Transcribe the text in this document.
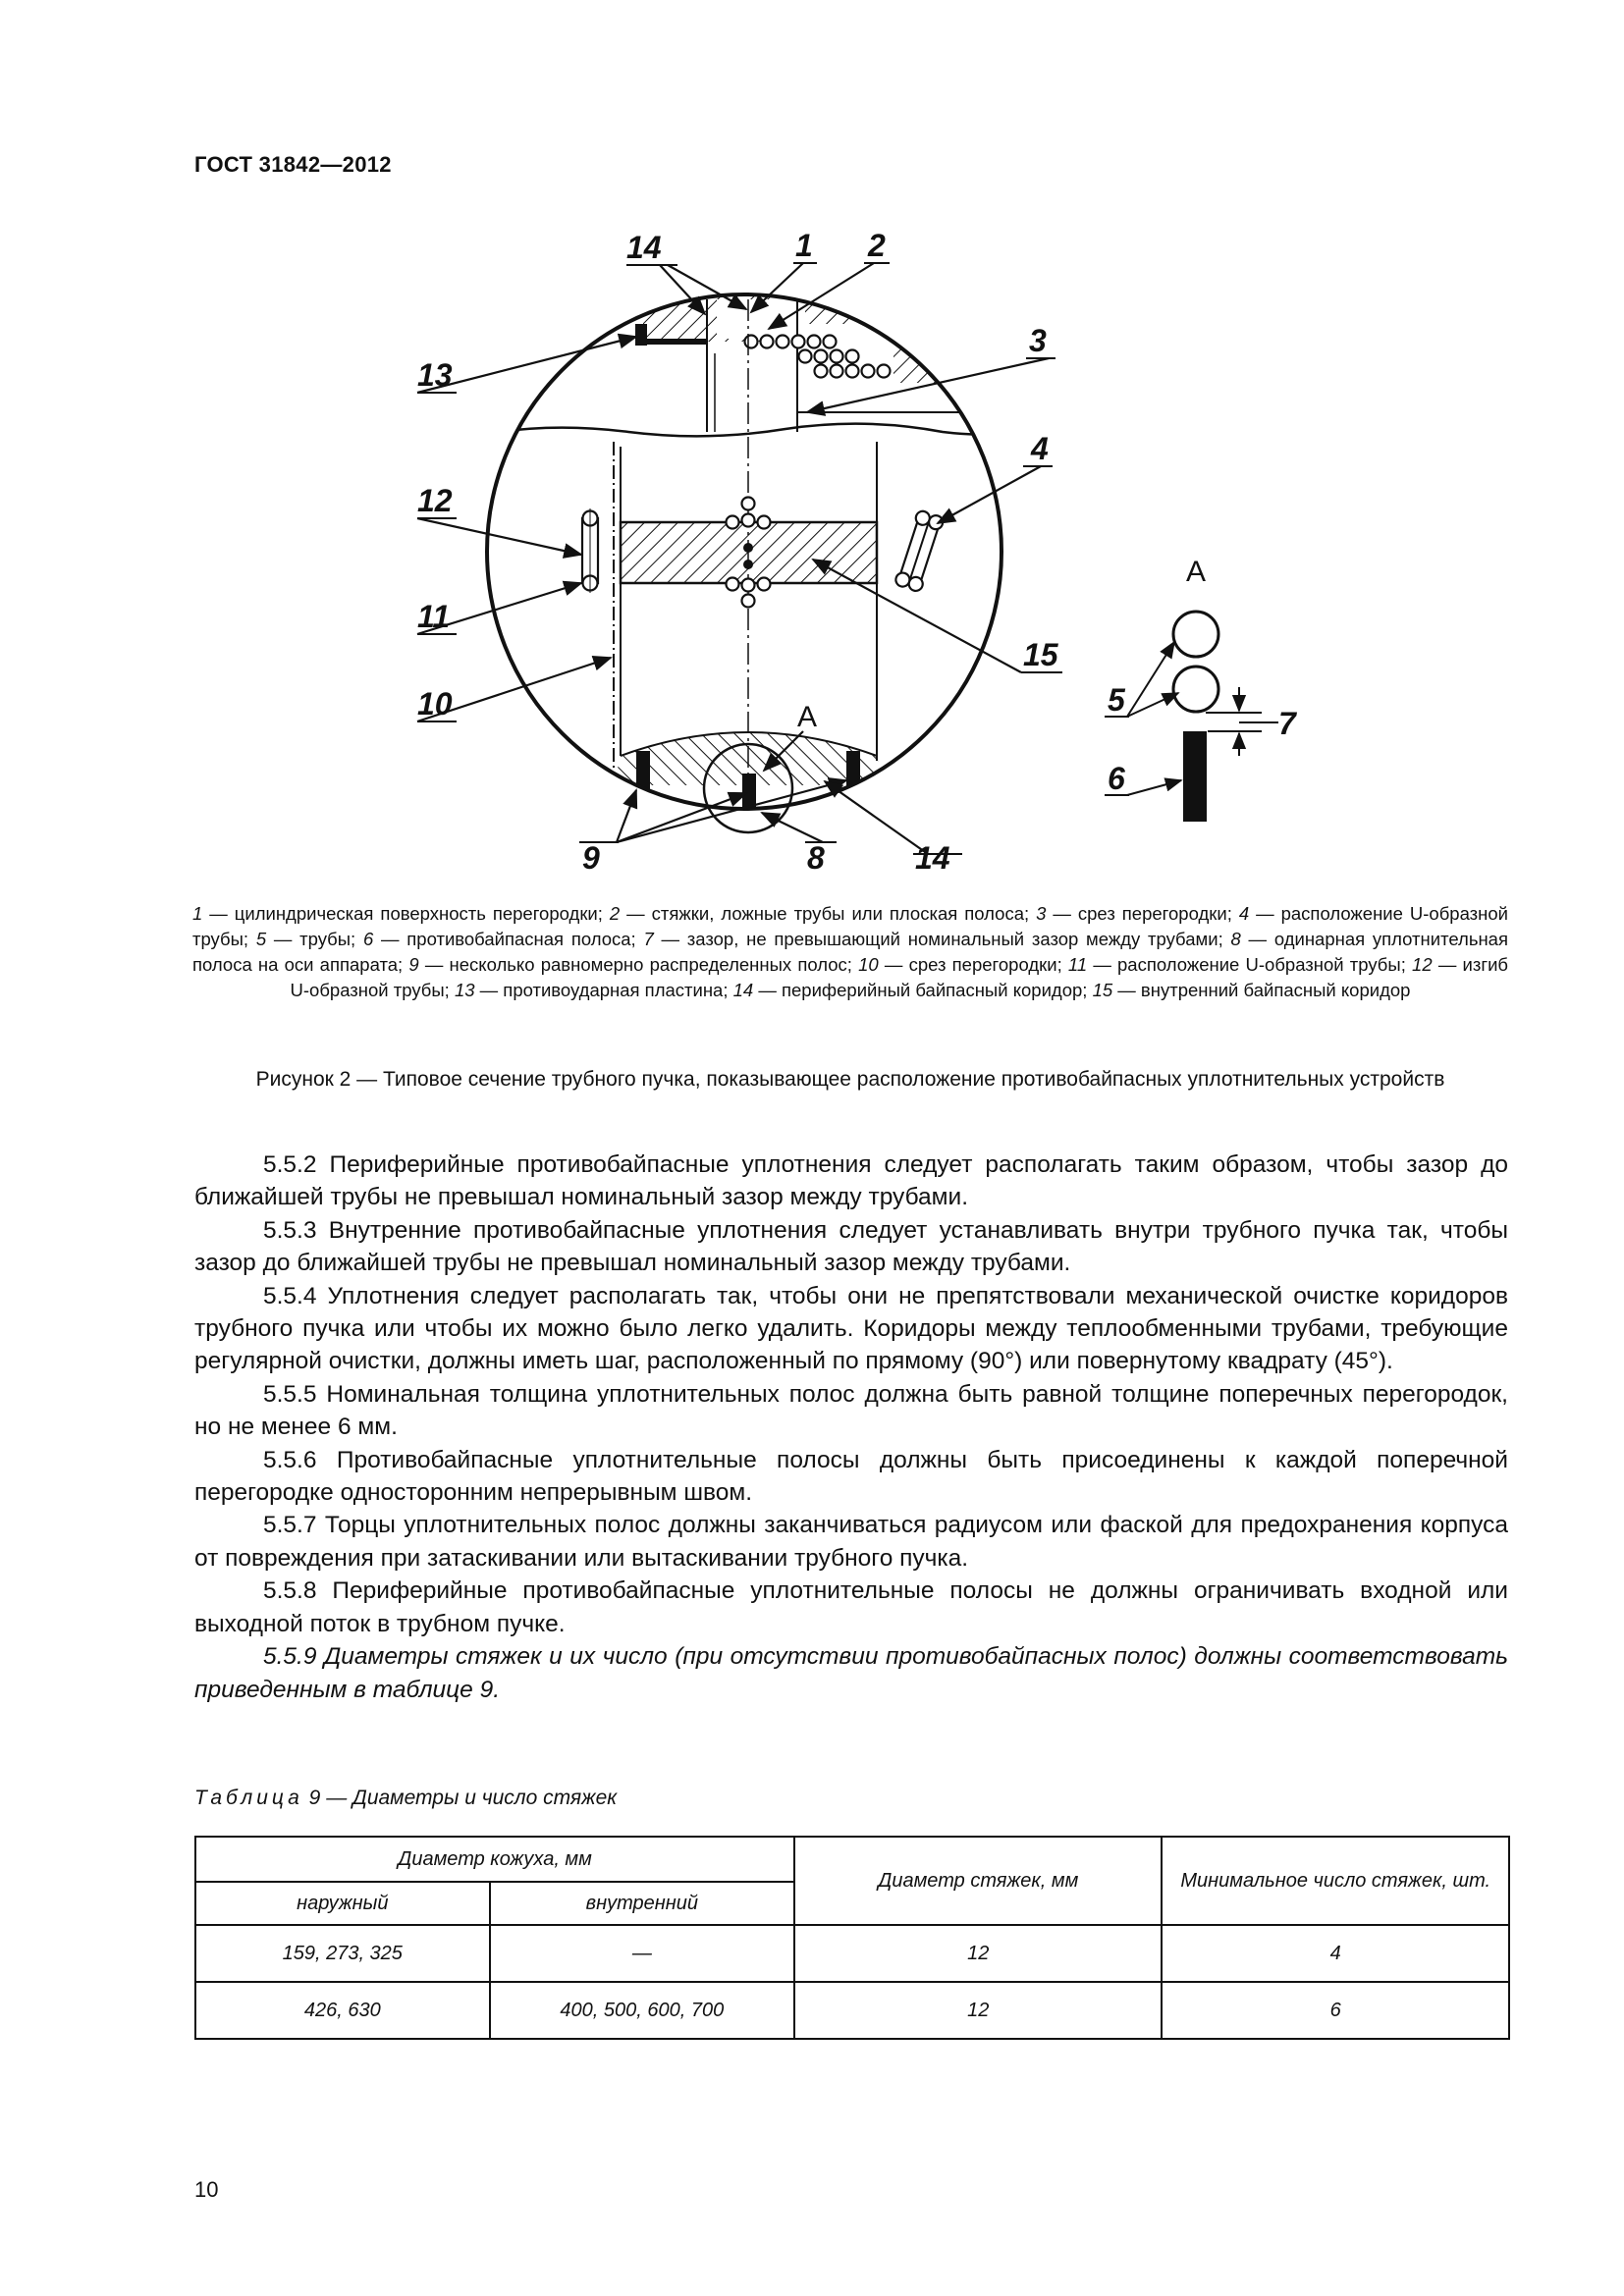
ГОСТ 31842—2012
14	1 2
3
13
4
12
11
15
10
9	8	14
A
A
5
7
6
1 — цилиндрическая поверхность перегородки; 2 — стяжки, ложные трубы или плоская полоса; 3 — срез перегородки; 4 — расположение U-образной трубы; 5 — трубы; 6 — противобайпасная полоса; 7 — зазор, не превышающий номинальный зазор между трубами; 8 — одинарная уплотнительная полоса на оси аппарата; 9 — несколько равномерно распределенных полос; 10 — срез перегородки; 11 — расположение U-образной трубы; 12 — изгиб U-образной трубы; 13 — противоударная пластина; 14 — периферийный байпасный коридор; 15 — внутренний байпасный коридор
Рисунок 2 — Типовое сечение трубного пучка, показывающее расположение противобайпасных уплотнительных устройств

5.5.2 Периферийные противобайпасные уплотнения следует располагать таким образом, чтобы зазор до ближайшей трубы не превышал номинальный зазор между трубами.

5.5.3 Внутренние противобайпасные уплотнения следует устанавливать внутри трубного пучка так, чтобы зазор до ближайшей трубы не превышал номинальный зазор между трубами.

5.5.4 Уплотнения следует располагать так, чтобы они не препятствовали механической очистке коридоров трубного пучка или чтобы их можно было легко удалить. Коридоры между теплообменными трубами, требующие регулярной очистки, должны иметь шаг, расположенный по прямому (90°) или повернутому квадрату (45°).

5.5.5 Номинальная толщина уплотнительных полос должна быть равной толщине поперечных перегородок, но не менее 6 мм.

5.5.6 Противобайпасные уплотнительные полосы должны быть присоединены к каждой поперечной перегородке односторонним непрерывным швом.

5.5.7 Торцы уплотнительных полос должны заканчиваться радиусом или фаской для предохранения корпуса от повреждения при затаскивании или вытаскивании трубного пучка.

5.5.8 Периферийные противобайпасные уплотнительные полосы не должны ограничивать входной или выходной поток в трубном пучке.

5.5.9 Диаметры стяжек и их число (при отсутствии противобайпасных полос) должны соответствовать приведенным в таблице 9.

Таблица 9 — Диаметры и число стяжек
Диаметр кожуха, мм		Диаметр стяжек, мм	Минимальное число стяжек, шт.
наружный	внутренний		
159, 273, 325	—	12	4
426, 630	400, 500, 600, 700	12	6
10
